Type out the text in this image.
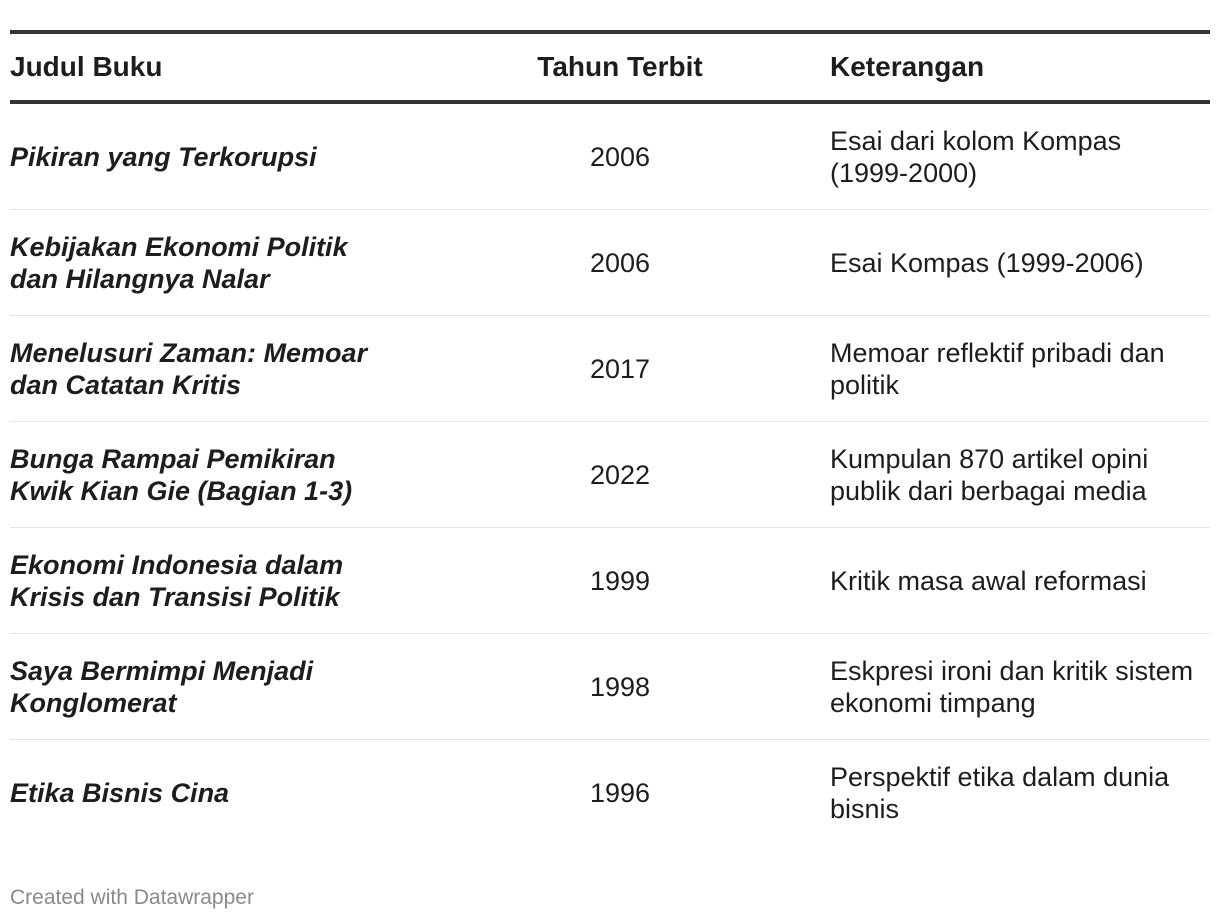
Judul Buku	Tahun Terbit	Keterangan
Pikiran yang Terkorupsi	2006	Esai dari kolom Kompas (1999-2000)
Kebijakan Ekonomi Politik dan Hilangnya Nalar	2006	Esai Kompas (1999-2006)
Menelusuri Zaman: Memoar dan Catatan Kritis	2017	Memoar reflektif pribadi dan politik
Bunga Rampai Pemikiran Kwik Kian Gie (Bagian 1-3)	2022	Kumpulan 870 artikel opini publik dari berbagai media
Ekonomi Indonesia dalam Krisis dan Transisi Politik	1999	Kritik masa awal reformasi
Saya Bermimpi Menjadi Konglomerat	1998	Eskpresi ironi dan kritik sistem ekonomi timpang
Etika Bisnis Cina	1996	Perspektif etika dalam dunia bisnis
Created with Datawrapper
